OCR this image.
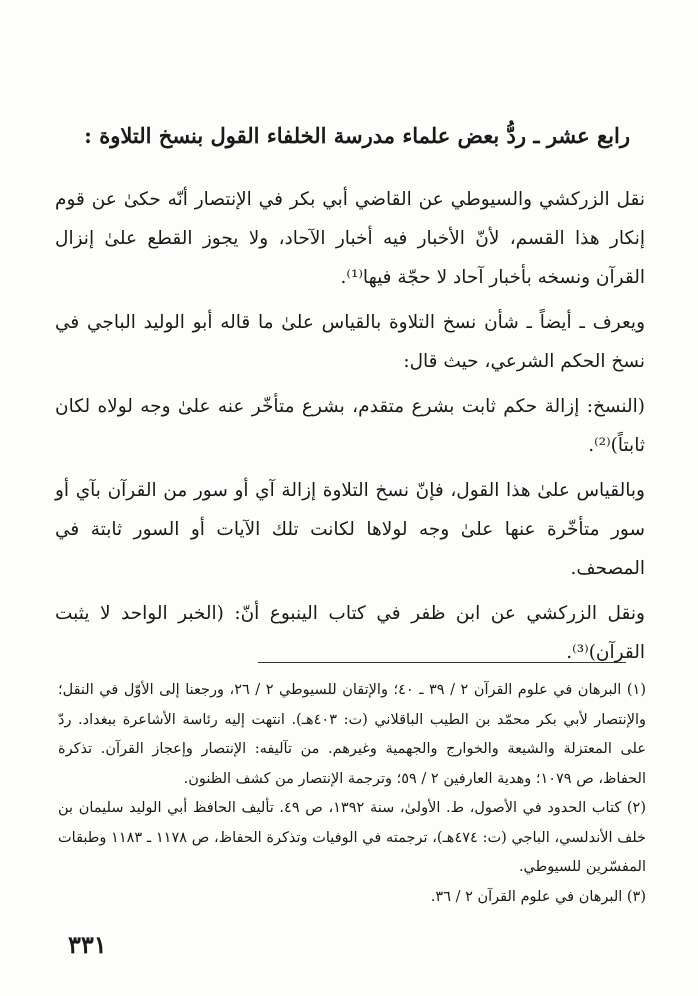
رابع عشر ـ ردُّ بعض علماء مدرسة الخلفاء القول بنسخ التلاوة :

نقل الزركشي والسيوطي عن القاضي أبي بكر في الإنتصار أنّه حكىٰ عن قوم إنكار هذا القسم، لأنّ الأخبار فيه أخبار الآحاد، ولا يجوز القطع علىٰ إنزال القرآن ونسخه بأخبار آحاد لا حجّة فيها⁽¹⁾.

ويعرف ـ أيضاً ـ شأن نسخ التلاوة بالقياس علىٰ ما قاله أبو الوليد الباجي في نسخ الحكم الشرعي، حيث قال:

(النسخ: إزالة حكم ثابت بشرع متقدم، بشرع متأخّر عنه علىٰ وجه لولاه لكان ثابتاً)⁽²⁾.

وبالقياس علىٰ هذا القول، فإنّ نسخ التلاوة إزالة آي أو سور من القرآن بآي أو سور متأخّرة عنها علىٰ وجه لولاها لكانت تلك الآيات أو السور ثابتة في المصحف.

ونقل الزركشي عن ابن ظفر في كتاب الينبوع أنّ: (الخبر الواحد لا يثبت القرآن)⁽³⁾.

(١) البرهان في علوم القرآن ٢ / ٣٩ ـ ٤٠؛ والإتقان للسيوطي ٢ / ٢٦، ورجعنا إلى الأوّل في النقل؛ والإنتصار لأبي بكر محمّد بن الطيب الباقلاني (ت: ٤٠٣هـ). انتهت إليه رئاسة الأشاعرة ببغداد. ردّ على المعتزلة والشيعة والخوارج والجهمية وغيرهم. من تآليفه: الإنتصار وإعجاز القرآن. تذكرة الحفاظ، ص ١٠٧٩؛ وهدية العارفين ٢ / ٥٩؛ وترجمة الإنتصار من كشف الظنون.

(٢) كتاب الحدود في الأصول، ط. الأولىٰ، سنة ١٣٩٢، ص ٤٩. تأليف الحافظ أبي الوليد سليمان بن خلف الأندلسي، الباجي (ت: ٤٧٤هـ)، ترجمته في الوفيات وتذكرة الحفاظ، ص ١١٧٨ ـ ١١٨٣ وطبقات المفسّرين للسيوطي.

(٣) البرهان في علوم القرآن ٢ / ٣٦.

٣٣١
